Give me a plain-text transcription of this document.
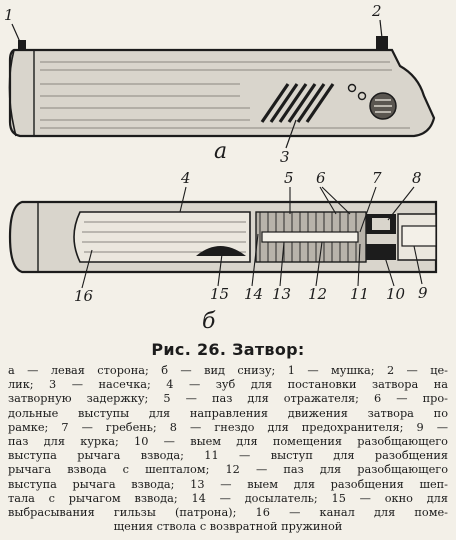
1	2
3
а
4	5 6	7 8
9
10
11
12
13
14
15
16
б
Рис. 26. Затвор:
а — левая сторона; б — вид снизу; 1 — мушка; 2 — це-
лик; 3 — насечка; 4 — зуб для постановки затвора на
затворную задержку; 5 — паз для отражателя; 6 — про-
дольные выступы для направления движения затвора по
рамке; 7 — гребень; 8 — гнездо для предохранителя; 9 —
паз для курка; 10 — выем для помещения разобщающего
выступа рычага взвода; 11 — выступ для разобщения
рычага взвода с шепталом; 12 — паз для разобщающего
выступа рычага взвода; 13 — выем для разобщения шеп-
тала с рычагом взвода; 14 — досылатель; 15 — окно для
выбрасывания гильзы (патрона); 16 — канал для поме-
щения ствола с возвратной пружиной
